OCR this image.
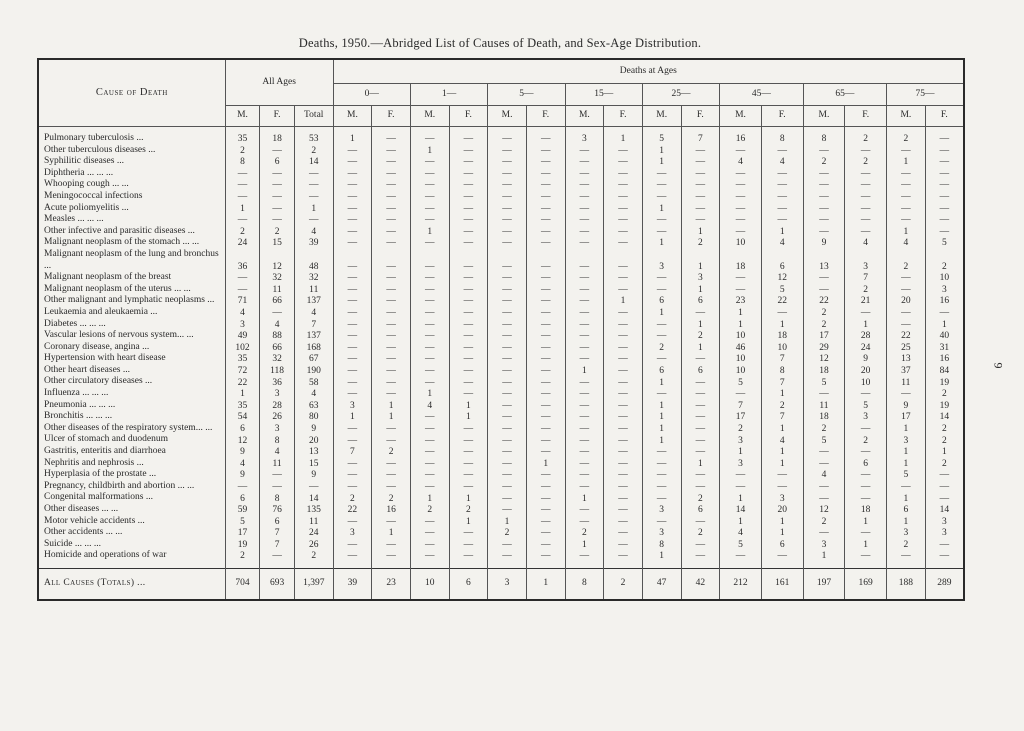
Deaths, 1950.—Abridged List of Causes of Death, and Sex-Age Distribution.
9
Cause of Death	All Ages			Deaths at Ages															
				0—		1—		5—		15—		25—		45—		65—		75—	
	M.	F.	Total	M.	F.	M.	F.	M.	F.	M.	F.	M.	F.	M.	F.	M.	F.	M.	F.
Pulmonary tuberculosis ...	35	18	53	1	—	—	—	—	—	3	1	5	7	16	8	8	2	2	—
Other tuberculous diseases ...	2	—	2	—	—	1	—	—	—	—	—	1	—	—	—	—	—	—	—
Syphilitic diseases ...	8	6	14	—	—	—	—	—	—	—	—	1	—	4	4	2	2	1	—
Diphtheria ... ... ...	—	—	—	—	—	—	—	—	—	—	—	—	—	—	—	—	—	—	—
Whooping cough ... ...	—	—	—	—	—	—	—	—	—	—	—	—	—	—	—	—	—	—	—
Meningococcal infections	—	—	—	—	—	—	—	—	—	—	—	—	—	—	—	—	—	—	—
Acute poliomyelitis ...	1	—	1	—	—	—	—	—	—	—	—	1	—	—	—	—	—	—	—
Measles ... ... ...	—	—	—	—	—	—	—	—	—	—	—	—	—	—	—	—	—	—	—
Other infective and parasitic diseases ...	2	2	4	—	—	1	—	—	—	—	—	—	1	—	1	—	—	1	—
Malignant neoplasm of the stomach ... ...	24	15	39	—	—	—	—	—	—	—	—	1	2	10	4	9	4	4	5
Malignant neoplasm of the lung and bronchus ...	36	12	48	—	—	—	—	—	—	—	—	3	1	18	6	13	3	2	2
Malignant neoplasm of the breast	—	32	32	—	—	—	—	—	—	—	—	—	3	—	12	—	7	—	10
Malignant neoplasm of the uterus ... ...	—	11	11	—	—	—	—	—	—	—	—	—	1	—	5	—	2	—	3
Other malignant and lymphatic neoplasms ...	71	66	137	—	—	—	—	—	—	—	1	6	6	23	22	22	21	20	16
Leukaemia and aleukaemia ...	4	—	4	—	—	—	—	—	—	—	—	1	—	1	—	2	—	—	—
Diabetes ... ... ...	3	4	7	—	—	—	—	—	—	—	—	—	1	1	1	2	1	—	1
Vascular lesions of nervous system... ...	49	88	137	—	—	—	—	—	—	—	—	—	2	10	18	17	28	22	40
Coronary disease, angina ...	102	66	168	—	—	—	—	—	—	—	—	2	1	46	10	29	24	25	31
Hypertension with heart disease	35	32	67	—	—	—	—	—	—	—	—	—	—	10	7	12	9	13	16
Other heart diseases ...	72	118	190	—	—	—	—	—	—	1	—	6	6	10	8	18	20	37	84
Other circulatory diseases ...	22	36	58	—	—	—	—	—	—	—	—	1	—	5	7	5	10	11	19
Influenza ... ... ...	1	3	4	—	—	1	—	—	—	—	—	—	—	—	1	—	—	—	2
Pneumonia ... ... ...	35	28	63	3	1	4	1	—	—	—	—	1	—	7	2	11	5	9	19
Bronchitis ... ... ...	54	26	80	1	1	—	1	—	—	—	—	1	—	17	7	18	3	17	14
Other diseases of the respiratory system... ...	6	3	9	—	—	—	—	—	—	—	—	1	—	2	1	2	—	1	2
Ulcer of stomach and duodenum	12	8	20	—	—	—	—	—	—	—	—	1	—	3	4	5	2	3	2
Gastritis, enteritis and diarrhoea	9	4	13	7	2	—	—	—	—	—	—	—	—	1	1	—	—	1	1
Nephritis and nephrosis ...	4	11	15	—	—	—	—	—	1	—	—	—	1	3	1	—	6	1	2
Hyperplasia of the prostate ...	9	—	9	—	—	—	—	—	—	—	—	—	—	—	—	4	—	5	—
Pregnancy, childbirth and abortion ... ...	—	—	—	—	—	—	—	—	—	—	—	—	—	—	—	—	—	—	—
Congenital malformations ...	6	8	14	2	2	1	1	—	—	1	—	—	2	1	3	—	—	1	—
Other diseases ... ...	59	76	135	22	16	2	2	—	—	—	—	3	6	14	20	12	18	6	14
Motor vehicle accidents ...	5	6	11	—	—	—	1	1	—	—	—	—	—	1	1	2	1	1	3
Other accidents ... ...	17	7	24	3	1	—	—	2	—	2	—	3	2	4	1	—	—	3	3
Suicide ... ... ...	19	7	26	—	—	—	—	—	—	1	—	8	—	5	6	3	1	2	—
Homicide and operations of war	2	—	2	—	—	—	—	—	—	—	—	1	—	—	—	1	—	—	—
All Causes (Totals) ...	704	693	1,397	39	23	10	6	3	1	8	2	47	42	212	161	197	169	188	289
